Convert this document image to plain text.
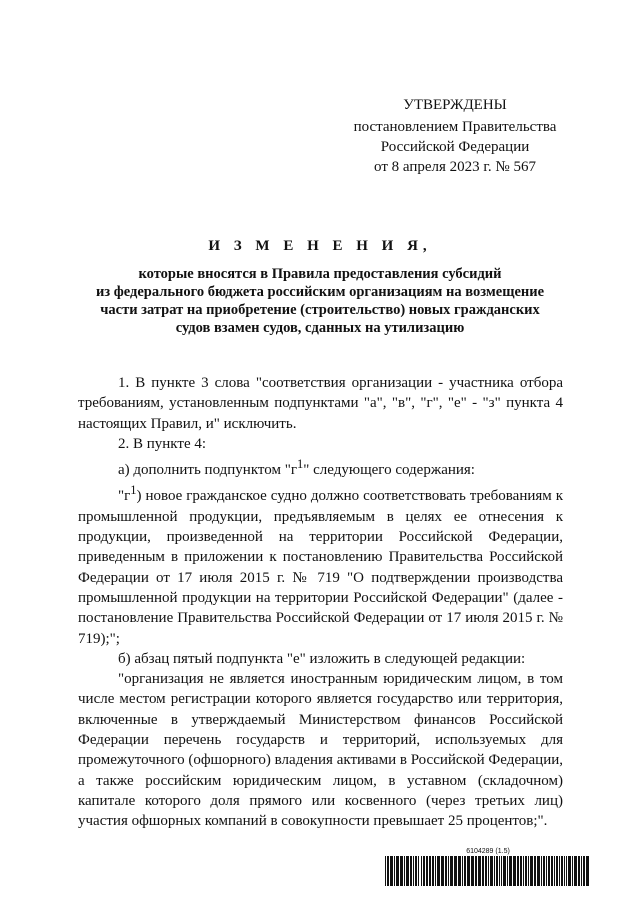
УТВЕРЖДЕНЫ
постановлением Правительства
Российской Федерации
от 8 апреля 2023 г. № 567
И З М Е Н Е Н И Я,
которые вносятся в Правила предоставления субсидий
из федерального бюджета российским организациям на возмещение
части затрат на приобретение (строительство) новых гражданских
судов взамен судов, сданных на утилизацию

1. В пункте 3 слова "соответствия организации - участника отбора требованиям, установленным подпунктами "а", "в", "г", "е" - "з" пункта 4 настоящих Правил, и" исключить.

2. В пункте 4:

а) дополнить подпунктом "$г^1$" следующего содержания:

"$г^1$) новое гражданское судно должно соответствовать требованиям к промышленной продукции, предъявляемым в целях ее отнесения к продукции, произведенной на территории Российской Федерации, приведенным в приложении к постановлению Правительства Российской Федерации от 17 июля 2015 г. № 719 "О подтверждении производства промышленной продукции на территории Российской Федерации" (далее - постановление Правительства Российской Федерации от 17 июля 2015 г. № 719);";

б) абзац пятый подпункта "е" изложить в следующей редакции:

"организация не является иностранным юридическим лицом, в том числе местом регистрации которого является государство или территория, включенные в утверждаемый Министерством финансов Российской Федерации перечень государств и территорий, используемых для промежуточного (офшорного) владения активами в Российской Федерации, а также российским юридическим лицом, в уставном (складочном) капитале которого доля прямого или косвенного (через третьих лиц) участия офшорных компаний в совокупности превышает 25 процентов;".

6104289 (1.5)
